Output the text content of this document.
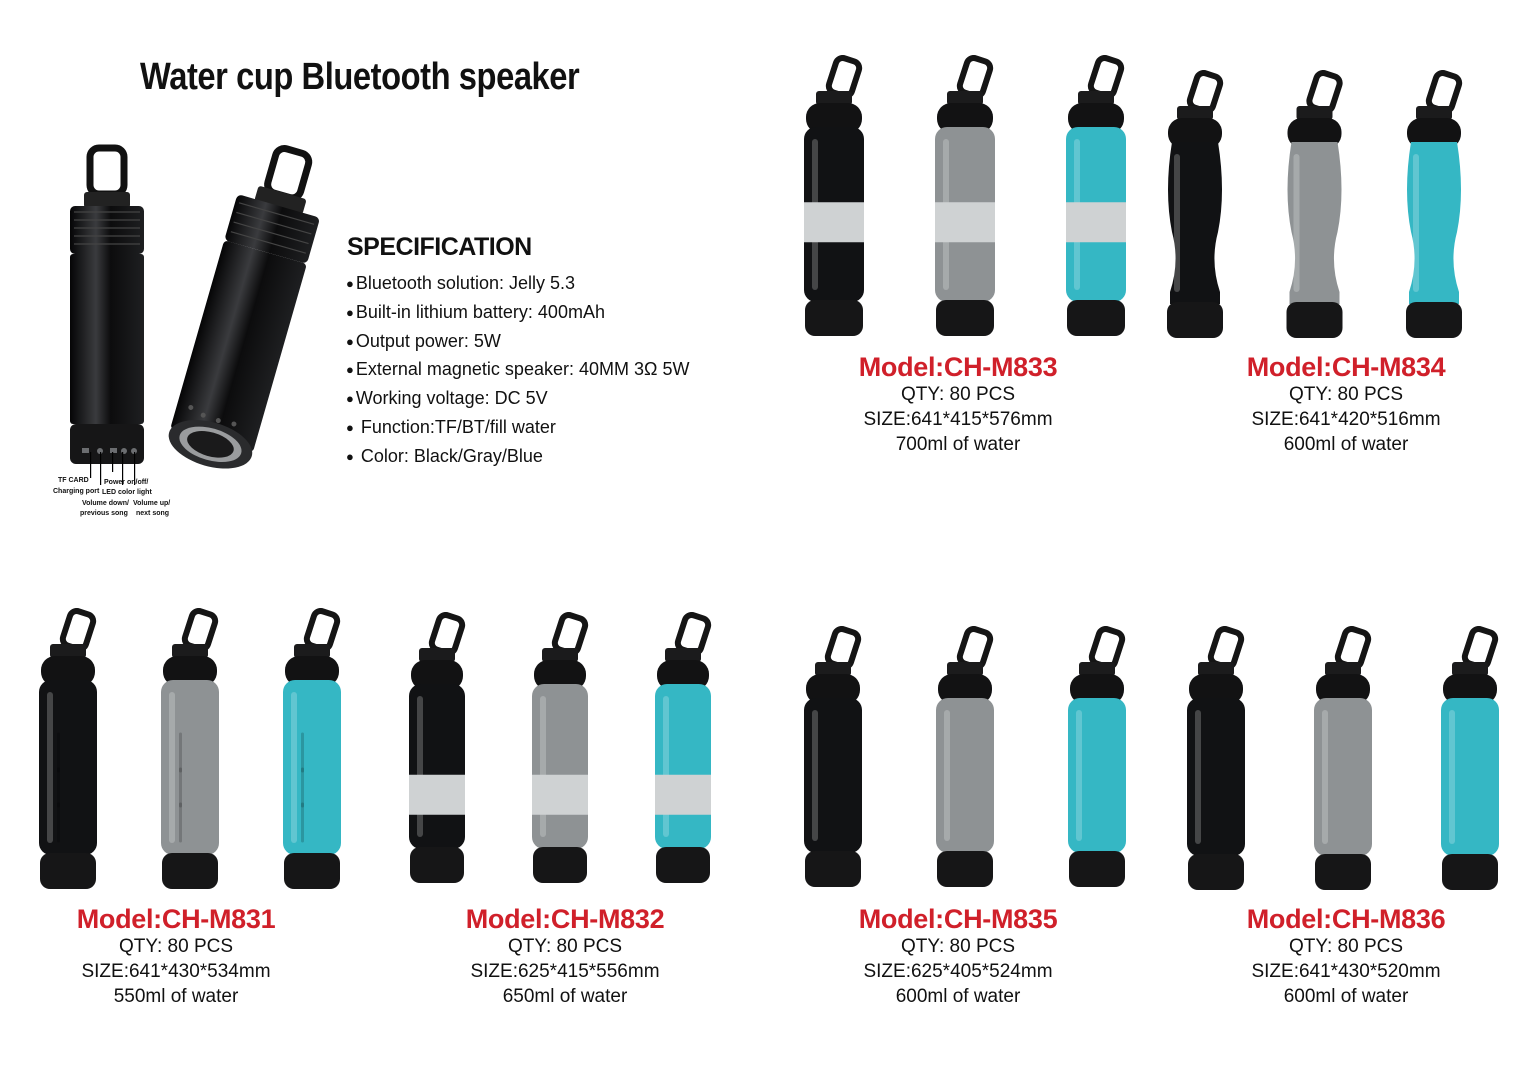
Water cup Bluetooth speaker
TF CARD
Charging port
Power on/off/
LED color light
Volume down/
previous song
Volume up/
next song
SPECIFICATION
● Bluetooth solution: Jelly 5.3
● Built-in lithium battery: 400mAh
● Output power: 5W
● External magnetic speaker: 40MM 3Ω 5W
● Working voltage: DC 5V
● Function:TF/BT/fill water
● Color: Black/Gray/Blue
Model:CH-M833
QTY: 80 PCS
SIZE:641*415*576mm
700ml of water
Model:CH-M834
QTY: 80 PCS
SIZE:641*420*516mm
600ml of water
Model:CH-M831
QTY: 80 PCS
SIZE:641*430*534mm
550ml of water
Model:CH-M832
QTY: 80 PCS
SIZE:625*415*556mm
650ml of water
Model:CH-M835
QTY: 80 PCS
SIZE:625*405*524mm
600ml of water
Model:CH-M836
QTY: 80 PCS
SIZE:641*430*520mm
600ml of water
